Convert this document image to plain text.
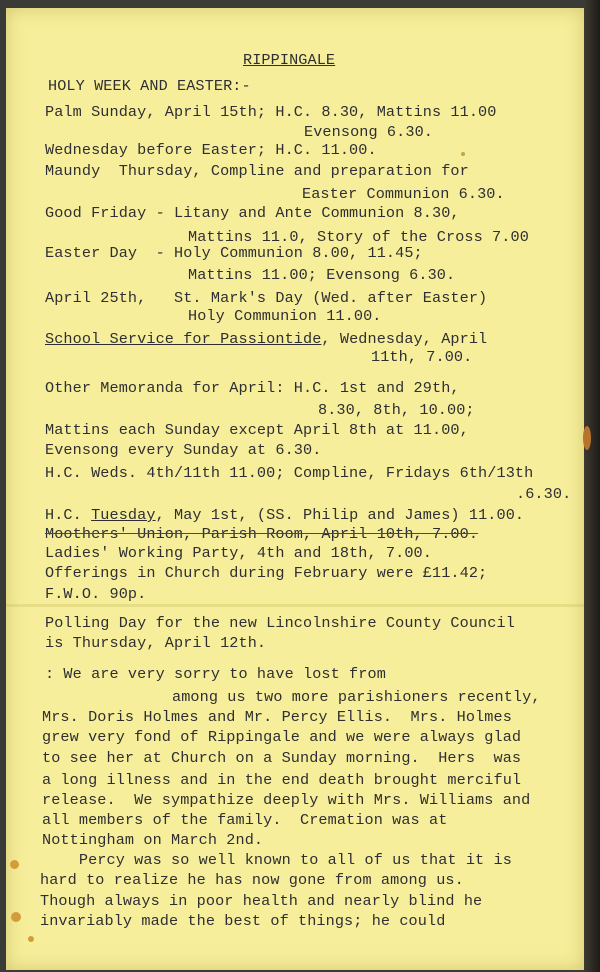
RIPPINGALE
HOLY WEEK AND EASTER:-
Palm Sunday, April 15th; H.C. 8.30, Mattins 11.00
Evensong 6.30.
Wednesday before Easter; H.C. 11.00.
Maundy  Thursday, Compline and preparation for
Easter Communion 6.30.
Good Friday - Litany and Ante Communion 8.30,
Mattins 11.0, Story of the Cross 7.00
Easter Day  - Holy Communion 8.00, 11.45;
Mattins 11.00; Evensong 6.30.
April 25th,   St. Mark's Day (Wed. after Easter)
Holy Communion 11.00.
School Service for Passiontide, Wednesday, April
11th, 7.00.
Other Memoranda for April: H.C. 1st and 29th,
8.30, 8th, 10.00;
Mattins each Sunday except April 8th at 11.00,
Evensong every Sunday at 6.30.
H.C. Weds. 4th/11th 11.00; Compline, Fridays 6th/13th
.6.30.
H.C. Tuesday, May 1st, (SS. Philip and James) 11.00.
Moothers' Union, Parish Room, April 10th, 7.00.
Ladies' Working Party, 4th and 18th, 7.00.
Offerings in Church during February were £11.42;
F.W.O. 90p.
Polling Day for the new Lincolnshire County Council
is Thursday, April 12th.
: We are very sorry to have lost from
among us two more parishioners recently,
Mrs. Doris Holmes and Mr. Percy Ellis.  Mrs. Holmes
grew very fond of Rippingale and we were always glad
to see her at Church on a Sunday morning.  Hers  was
a long illness and in the end death brought merciful
release.  We sympathize deeply with Mrs. Williams and
all members of the family.  Cremation was at
Nottingham on March 2nd.
Percy was so well known to all of us that it is
hard to realize he has now gone from among us.
Though always in poor health and nearly blind he
invariably made the best of things; he could
